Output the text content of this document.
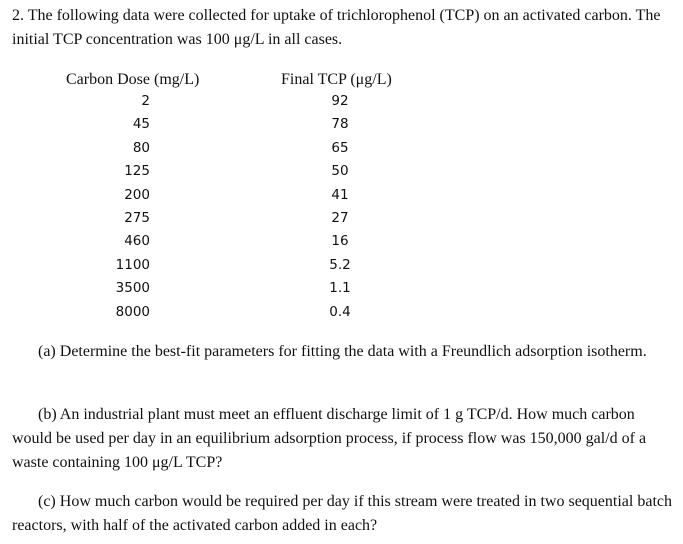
2. The following data were collected for uptake of trichlorophenol (TCP) on an activated carbon. The initial TCP concentration was 100 μg/L in all cases.

Carbon Dose (mg/L)	Final TCP (μg/L)
2
45
80
125
200
275
460
1100
3500
8000
92
78
65
50
41
27
16
5.2
1.1
0.4

(a) Determine the best-fit parameters for fitting the data with a Freundlich adsorption isotherm.

(b) An industrial plant must meet an effluent discharge limit of 1 g TCP/d. How much carbon would be used per day in an equilibrium adsorption process, if process flow was 150,000 gal/d of a waste containing 100 μg/L TCP?

(c) How much carbon would be required per day if this stream were treated in two sequential batch reactors, with half of the activated carbon added in each?
